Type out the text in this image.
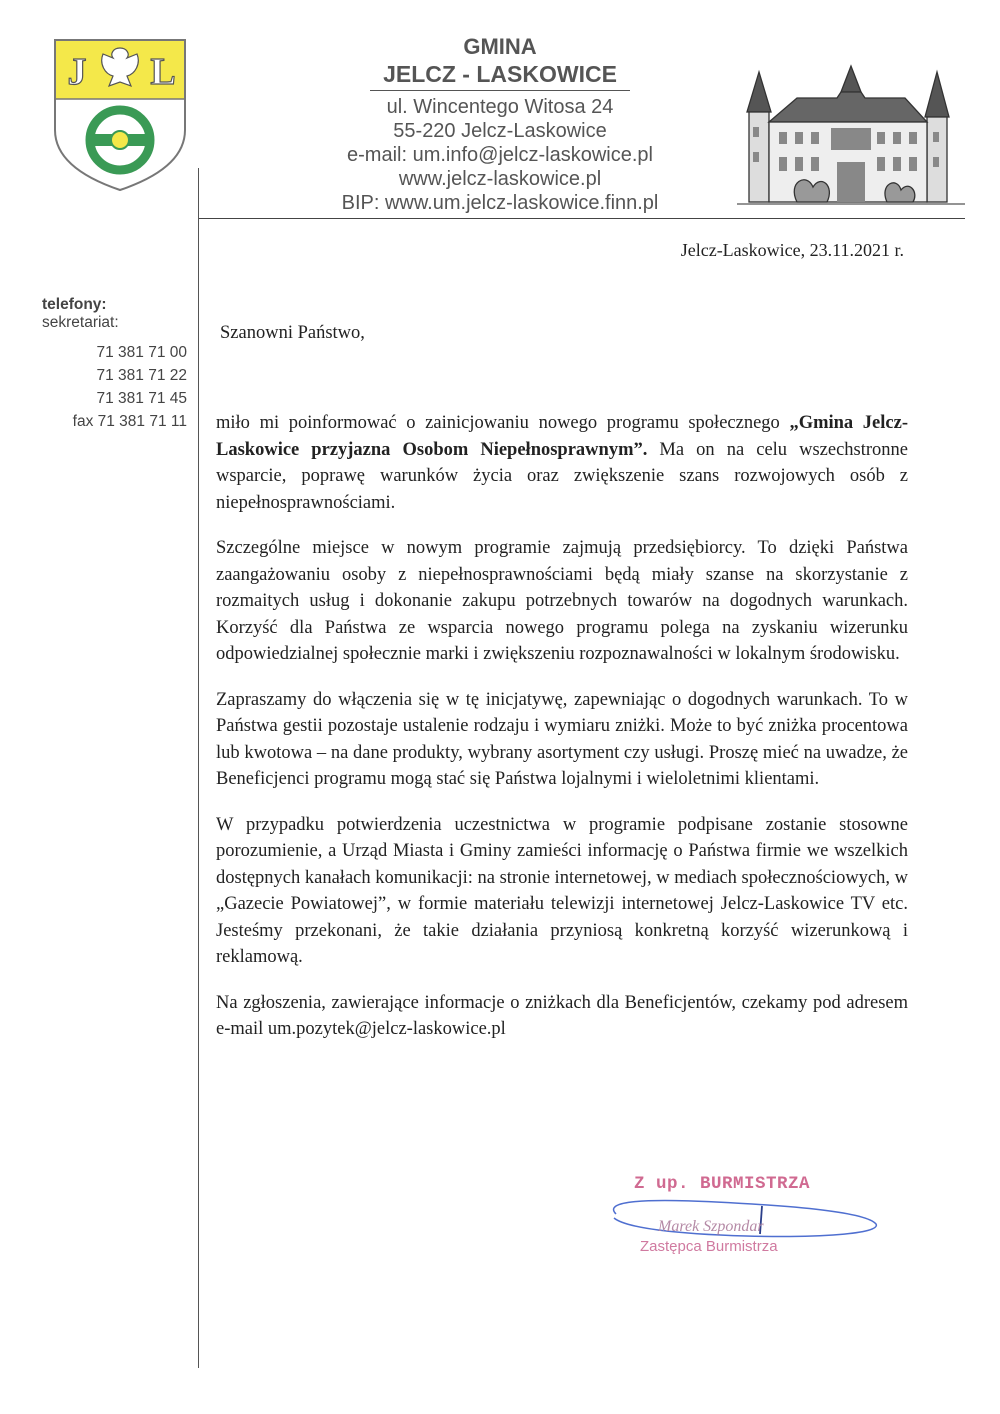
J L

GMINA

JELCZ - LASKOWICE

ul. Wincentego Witosa 24

55-220 Jelcz-Laskowice

e-mail: um.info@jelcz-laskowice.pl

www.jelcz-laskowice.pl

BIP: www.um.jelcz-laskowice.finn.pl

Jelcz-Laskowice, 23.11.2021 r.
telefony:
sekretariat:
71 381 71 00
71 381 71 22
71 381 71 45
fax 71 381 71 11
Szanowni Państwo,

miło mi poinformować o zainicjowaniu nowego programu społecznego „Gmina Jelcz-Laskowice przyjazna Osobom Niepełnosprawnym”. Ma on na celu wszechstronne wsparcie, poprawę warunków życia oraz zwiększenie szans rozwojowych osób z niepełnosprawnościami.

Szczególne miejsce w nowym programie zajmują przedsiębiorcy. To dzięki Państwa zaangażowaniu osoby z niepełnosprawnościami będą miały szanse na skorzystanie z rozmaitych usług i dokonanie zakupu potrzebnych towarów na dogodnych warunkach. Korzyść dla Państwa ze wsparcia nowego programu polega na zyskaniu wizerunku odpowiedzialnej społecznie marki i zwiększeniu rozpoznawalności w lokalnym środowisku.

Zapraszamy do włączenia się w tę inicjatywę, zapewniając o dogodnych warunkach. To w Państwa gestii pozostaje ustalenie rodzaju i wymiaru zniżki. Może to być zniżka procentowa lub kwotowa – na dane produkty, wybrany asortyment czy usługi. Proszę mieć na uwadze, że Beneficjenci programu mogą stać się Państwa lojalnymi i wieloletnimi klientami.

W przypadku potwierdzenia uczestnictwa w programie podpisane zostanie stosowne porozumienie, a Urząd Miasta i Gminy zamieści informację o Państwa firmie we wszelkich dostępnych kanałach komunikacji: na stronie internetowej, w mediach społecznościowych, w „Gazecie Powiatowej”, w formie materiału telewizji internetowej Jelcz-Laskowice TV etc. Jesteśmy przekonani, że takie działania przyniosą konkretną korzyść wizerunkową i reklamową.

Na zgłoszenia, zawierające informacje o zniżkach dla Beneficjentów, czekamy pod adresem e-mail um.pozytek@jelcz-laskowice.pl

Z up. BURMISTRZA
Marek Szpondar
Zastępca Burmistrza
